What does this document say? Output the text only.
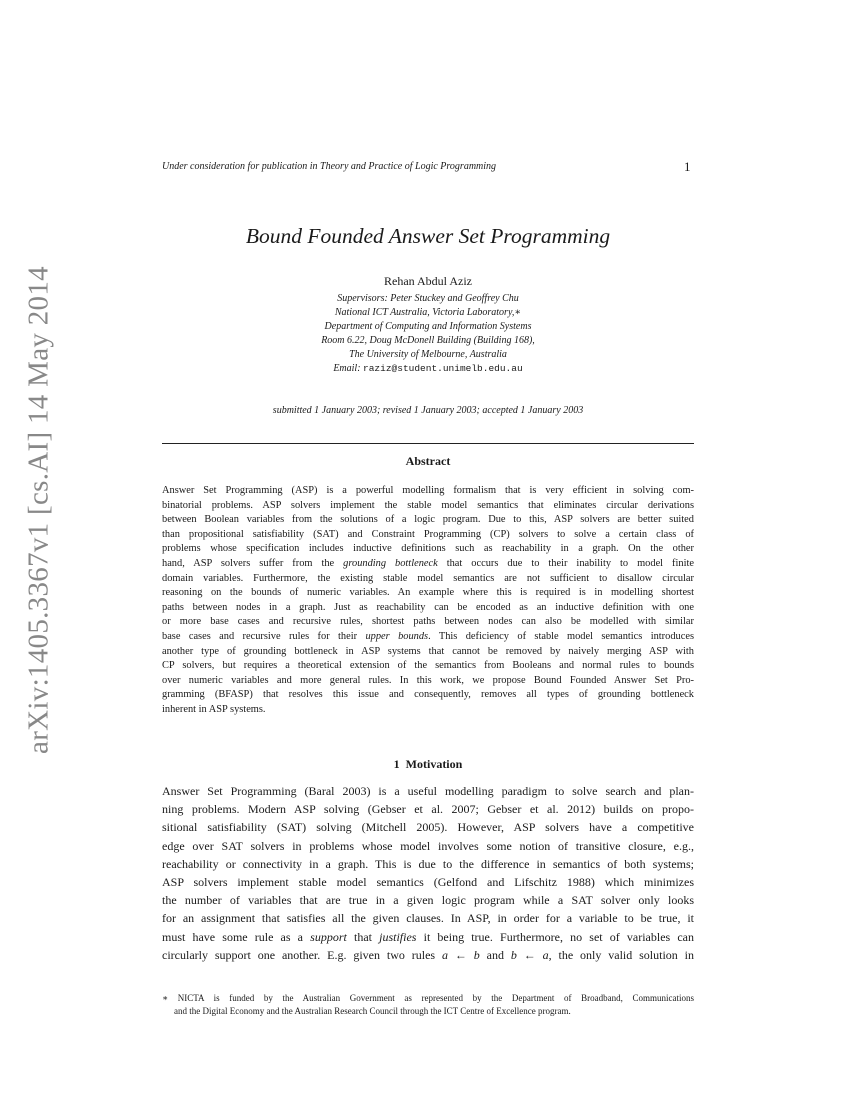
arXiv:1405.3367v1 [cs.AI] 14 May 2014
Under consideration for publication in Theory and Practice of Logic Programming	1
Bound Founded Answer Set Programming
Rehan Abdul Aziz
Supervisors: Peter Stuckey and Geoffrey Chu
National ICT Australia, Victoria Laboratory,∗
Department of Computing and Information Systems
Room 6.22, Doug McDonell Building (Building 168),
The University of Melbourne, Australia
Email: raziz@student.unimelb.edu.au
submitted 1 January 2003; revised 1 January 2003; accepted 1 January 2003
Abstract
Answer Set Programming (ASP) is a powerful modelling formalism that is very efficient in solving com-
binatorial problems. ASP solvers implement the stable model semantics that eliminates circular derivations
between Boolean variables from the solutions of a logic program. Due to this, ASP solvers are better suited
than propositional satisfiability (SAT) and Constraint Programming (CP) solvers to solve a certain class of
problems whose specification includes inductive definitions such as reachability in a graph. On the other
hand, ASP solvers suffer from the grounding bottleneck that occurs due to their inability to model finite
domain variables. Furthermore, the existing stable model semantics are not sufficient to disallow circular
reasoning on the bounds of numeric variables. An example where this is required is in modelling shortest
paths between nodes in a graph. Just as reachability can be encoded as an inductive definition with one
or more base cases and recursive rules, shortest paths between nodes can also be modelled with similar
base cases and recursive rules for their upper bounds. This deficiency of stable model semantics introduces
another type of grounding bottleneck in ASP systems that cannot be removed by naively merging ASP with
CP solvers, but requires a theoretical extension of the semantics from Booleans and normal rules to bounds
over numeric variables and more general rules. In this work, we propose Bound Founded Answer Set Pro-
gramming (BFASP) that resolves this issue and consequently, removes all types of grounding bottleneck
inherent in ASP systems.
1 Motivation
Answer Set Programming (Baral 2003) is a useful modelling paradigm to solve search and plan-
ning problems. Modern ASP solving (Gebser et al. 2007; Gebser et al. 2012) builds on propo-
sitional satisfiability (SAT) solving (Mitchell 2005). However, ASP solvers have a competitive
edge over SAT solvers in problems whose model involves some notion of transitive closure, e.g.,
reachability or connectivity in a graph. This is due to the difference in semantics of both systems;
ASP solvers implement stable model semantics (Gelfond and Lifschitz 1988) which minimizes
the number of variables that are true in a given logic program while a SAT solver only looks
for an assignment that satisfies all the given clauses. In ASP, in order for a variable to be true, it
must have some rule as a support that justifies it being true. Furthermore, no set of variables can
circularly support one another. E.g. given two rules a ← b and b ← a, the only valid solution in
∗ NICTA is funded by the Australian Government as represented by the Department of Broadband, Communications
and the Digital Economy and the Australian Research Council through the ICT Centre of Excellence program.
